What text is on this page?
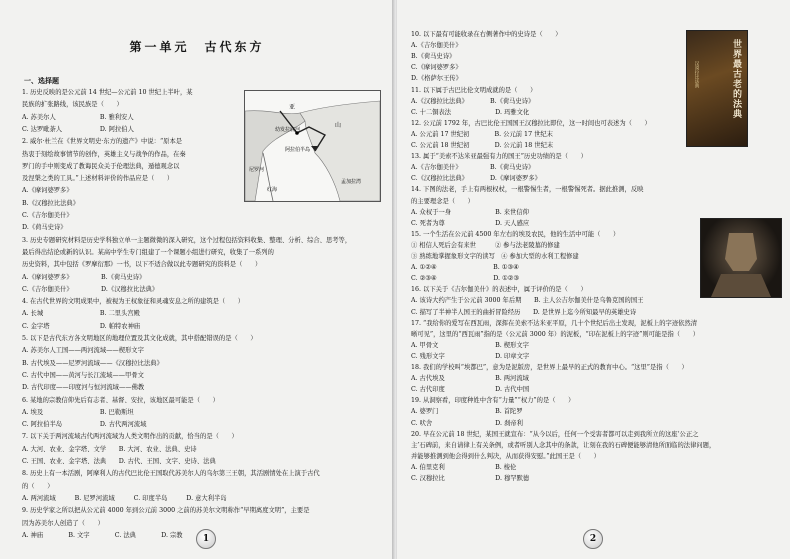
第一单元　古代东方
一、选择题
亚
幼发拉底河
山
阿拉伯半岛
尼罗河
红海
孟加拉湾
1. 历史反映的是公元前 14 世纪—公元前 10 世纪上半叶，某
民族的扩张路线，该民族是（　　）
A. 苏美尔人　　　　　　　B. 雅利安人
C. 达罗毗荼人　　　　　　D. 阿拉伯人
2. 威尔·杜兰在《世界文明史·东方的遗产》中说：“原本是
热衷于刻绘故事情节的创作，英雄主义与战争的作品，在秦
罗门的手中则变成了教诲民众关于伦理法典，遁德观念以
及涅槃之类的工具。”上述材料评价的作品应是（　　）
A.《摩诃婆罗多》
B.《汉穆拉比法典》
C.《吉尔伽美什》
D.《荷马史诗》
3. 历史专题研究材料是历史学科独立单一主题微微的深入研究，这个过程包括资料收集、整理、分析、综合、思考等，
最后得出结论或新的认识。某高中学生专门组建了一个课题小组进行研究，收集了一系列的
历史资料，其中包括《罗摩衍那》一书，以下不适合做以此专题研究的资料是（　　）
A.《摩诃婆罗多》　　　　　B.《荷马史诗》
C.《吉尔伽美什》　　　　　D.《汉穆拉比法典》
4. 在古代世界的文明成果中，被视为王权象征和灵魂安息之所的建筑是（　　）
A. 长城　　　　　　　　　B. 二里头宫殿
C. 金字塔　　　　　　　　D. 帕特农神庙
5. 以下是古代东方各文明地区的地理位置及其文化成就，其中搭配错误的是（　　）
A. 苏美尔人工国——两河流域——楔形文字
B. 古代埃及——尼罗河流域——《汉穆拉比法典》
C. 古代中国——黄河与长江流域——甲骨文
D. 古代印度——印度河与恒河流域——佛教
6. 某地的宗教信仰先后有志者、基督、安拉，该地区最可能是（　　）
A. 埃及　　　　　　　　　B. 巴勒斯坦
C. 阿拉伯半岛　　　　　　D. 古代两河流域
7. 以下关于两河流域古代两河流域为人类文明作出的贡献，恰当的是（　　）
A. 大河、农业、金字塔、文学　　B. 大河、农业、法典、史诗
C. 王国、农业、金字塔、法典　　D. 古代、王国、文字、史诗、法典
8. 历史上有一本活剧，阿摩利人的古代巴比伦王国取代苏美尔人的乌尔第三王朝，其活剧情处在上演于古代
的（　　）
A. 两河流域　　　B. 尼罗河流域　　　C. 印度半岛　　　D. 意大利半岛
9. 历史学家之所以把从公元前 4000 年到公元前 3000 之前的苏美尔文明称作“早期离度文明”，主要是
因为苏美尔人创造了（　　）
A. 神庙　　　　B. 文字　　　　C. 法典　　　　D. 宗教	1
10. 以下最有可能收录在右侧著作中的史诗是（　　）
A.《吉尔伽美什》
B.《荷马史诗》
C.《摩诃婆罗多》
D.《格萨尔王传》
11. 以下属于古巴比伦文明成就的是（　　）
A.《汉穆拉比法典》　　　　B.《荷马史诗》
C. 十二铜表法　　　　　　　D. 玛雅文化
12. 公元前 1792 年，古巴比伦王国国王汉穆拉比即位，这一时间也可表述为（　　）
A. 公元前 17 世纪初　　　　B. 公元前 17 世纪末
C. 公元前 18 世纪初　　　　D. 公元前 18 世纪末
13. 属于“美索不达米亚最强有力的国王”历史功绩的是（　　）
A.《吉尔伽美什》　　　　　B.《荷马史诗》
C.《汉穆拉比法典》　　　　D.《摩诃婆罗多》
14. 下图的法老，手上有两根权杖，一根警惕生者，一根警惕死者。据此推测，反映
的主要理念是（　　）
A. 众权于一身　　　　　　　B. 来世信仰
C. 死者为尊　　　　　　　　D. 天人感应
15. 一个生活在公元前 4500 年左右的埃及农民，他的生活中可能（　　）
① 相信人死后会有来世　　　② 参与法老陵墓的修建
③ 熟练地掌握象形文字的读写　④ 参加大型的水利工程修建
A. ①②④　　　　　　　　　B. ①③④
C. ②③④　　　　　　　　　D. ①②③
16. 以下关于《吉尔伽美什》的表述中，属于评价的是（　　）
A. 该诗大约产生于公元前 3000 年后期　　B. 主人公吉尔伽美什是乌鲁克国的国王
C. 描写了半神半人国王的曲折冒险经历　　D. 是世界上迄今所知最早的英雄史诗
17. “我给你的爱写在西瓦雨，深挥在美索不达米亚平原，几十个世纪后出土发现，泥板上的字迹依然清
晰可见”，这里的“西瓦雨”指的是（公元前 3000 年）的泥板，“印在泥板上的字迹”则可能是指（　　）
A. 甲骨文　　　　　　　　　B. 楔形文字
C. 残形文字　　　　　　　　D. 印章文字
18. 我们的学校叫“埃都巴”，意为是泥版房，是世界上最早的正式的教育中心。“这里”是指（　　）
A. 古代埃及　　　　　　　　B. 两河流域
C. 古代印度　　　　　　　　D. 古代中国
19. 从洞察看，印度种姓中含有“力量”“权力”的是（　　）
A. 婆罗门　　　　　　　　　B. 首陀罗
C. 吠舍　　　　　　　　　　D. 刹帝利
20. 早在公元前 18 世纪，某国王就宣布：“从今以后，任何一个受害者都可以走到我所立的这座‘公正之
主’石碑前，来自请律上有关条例，或者听别人念其中的条款，让刻在我的石碑便能够清他所面临的法律问题，
并能够推测到他会得到什么判决，从而获得安慰。”此国王是（　　）
A. 伯里克利　　　　　　　　B. 梭伦
C. 汉穆拉比　　　　　　　　D. 穆罕默德
2
世界最古老的法典
汉谟拉比法典
